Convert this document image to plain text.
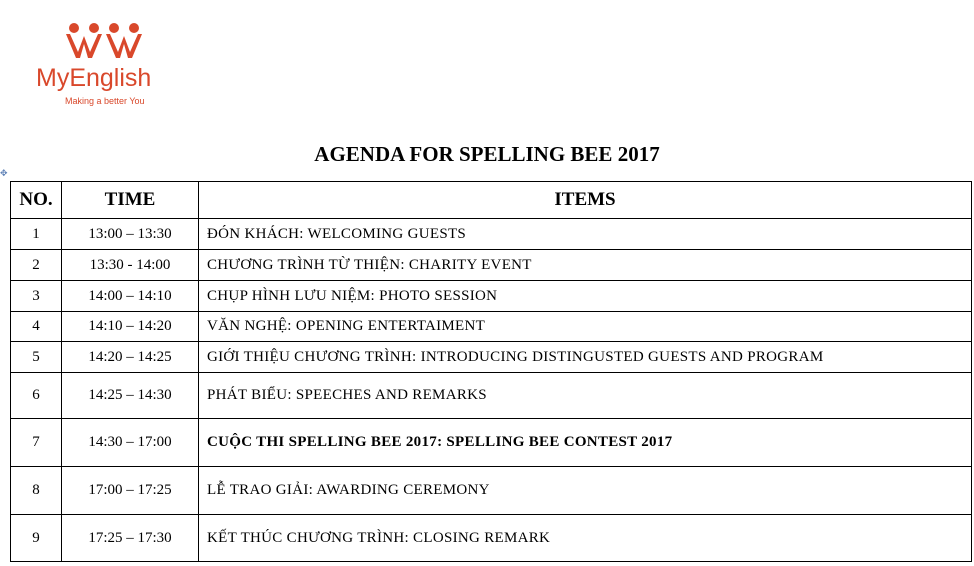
MyEnglish
Making a better You
AGENDA FOR SPELLING BEE 2017
✥
NO.	TIME	ITEMS
1	13:00 – 13:30	ĐÓN KHÁCH: WELCOMING GUESTS
2	13:30 - 14:00	CHƯƠNG TRÌNH TỪ THIỆN: CHARITY EVENT
3	14:00 – 14:10	CHỤP HÌNH LƯU NIỆM: PHOTO SESSION
4	14:10 – 14:20	VĂN NGHỆ: OPENING ENTERTAIMENT
5	14:20 – 14:25	GIỚI THIỆU CHƯƠNG TRÌNH: INTRODUCING DISTINGUSTED GUESTS AND PROGRAM
6	14:25 – 14:30	PHÁT BIỂU: SPEECHES AND REMARKS
7	14:30 – 17:00	CUỘC THI SPELLING BEE 2017: SPELLING BEE CONTEST 2017
8	17:00 – 17:25	LỄ TRAO GIẢI: AWARDING CEREMONY
9	17:25 – 17:30	KẾT THÚC CHƯƠNG TRÌNH: CLOSING REMARK
